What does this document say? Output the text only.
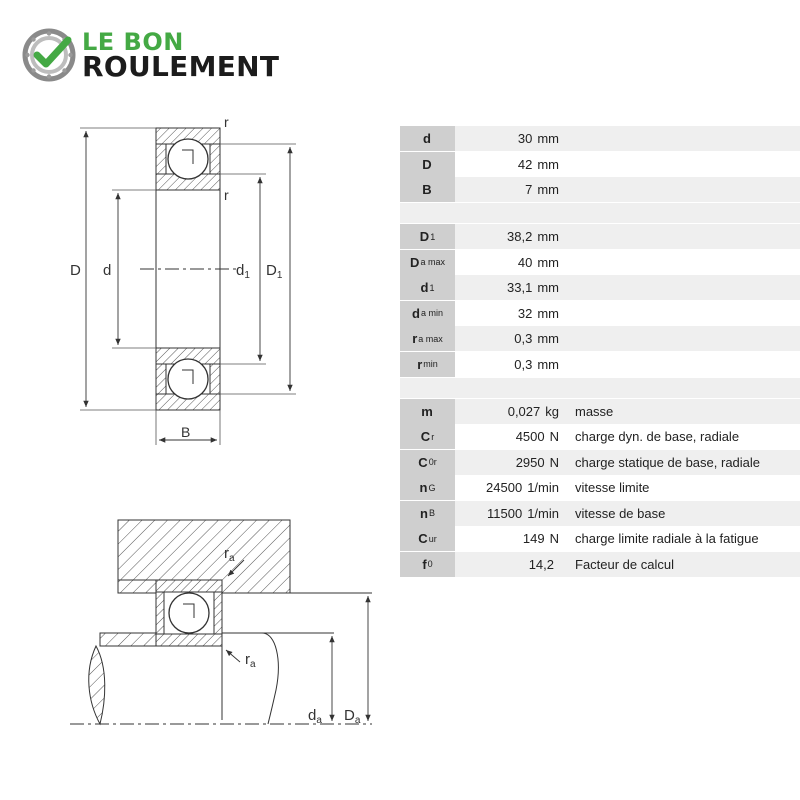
LE BON
ROULEMENT
D d	$d_1$ $D_1$
B
r
r
$r_a$
$r_a$
$d_a$ $D_a$
d	30 mm
D	42 mm
B	7 mm
D 1	38,2 mm
D a max	40 mm
d 1	33,1 mm
d a min	32 mm
r a max	0,3 mm
r min	0,3 mm
m	0,027 kg	masse
C r	4500 N	charge dyn. de base, radiale
C 0r	2950 N	charge statique de base, radiale
n G	24500 1/min	vitesse limite
n B	11500 1/min	vitesse de base
C ur	149 N	charge limite radiale à la fatigue
f 0	14,2	Facteur de calcul
